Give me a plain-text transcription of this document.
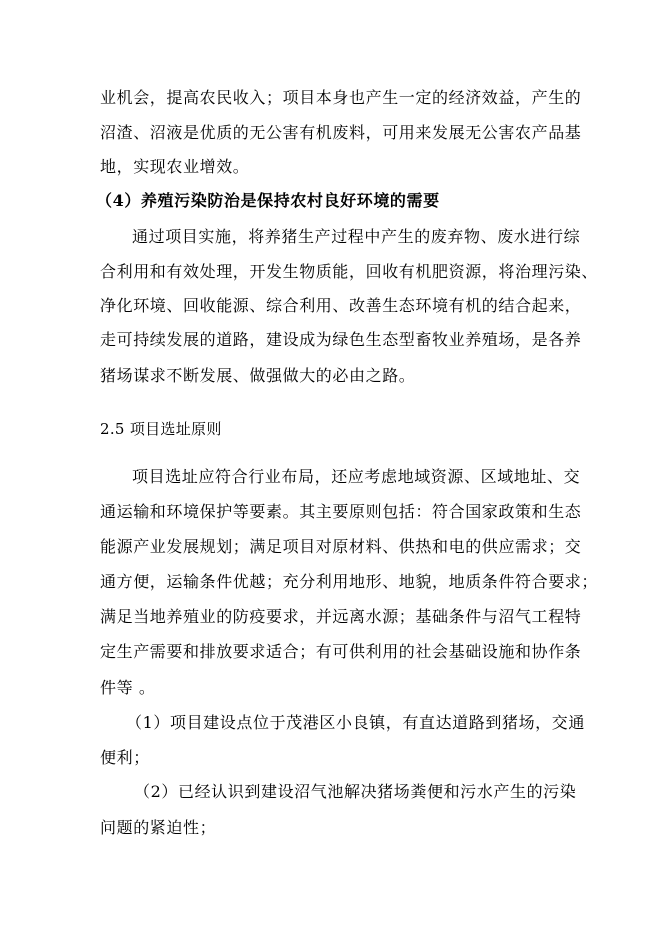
业机会，提高农民收入；项目本身也产生一定的经济效益，产生的
沼渣、沼液是优质的无公害有机废料，可用来发展无公害农产品基
地，实现农业增效。
（4）养殖污染防治是保持农村良好环境的需要
通过项目实施，将养猪生产过程中产生的废弃物、废水进行综
合利用和有效处理，开发生物质能，回收有机肥资源，将治理污染、
净化环境、回收能源、综合利用、改善生态环境有机的结合起来，
走可持续发展的道路，建设成为绿色生态型畜牧业养殖场，是各养
猪场谋求不断发展、做强做大的必由之路。
2.5 项目选址原则
项目选址应符合行业布局，还应考虑地域资源、区域地址、交
通运输和环境保护等要素。其主要原则包括：符合国家政策和生态
能源产业发展规划；满足项目对原材料、供热和电的供应需求；交
通方便，运输条件优越；充分利用地形、地貌，地质条件符合要求；
满足当地养殖业的防疫要求，并远离水源；基础条件与沼气工程特
定生产需要和排放要求适合；有可供利用的社会基础设施和协作条
件等 。
（1）项目建设点位于茂港区小良镇，有直达道路到猪场，交通
便利；
（2）已经认识到建设沼气池解决猪场粪便和污水产生的污染
问题的紧迫性；
